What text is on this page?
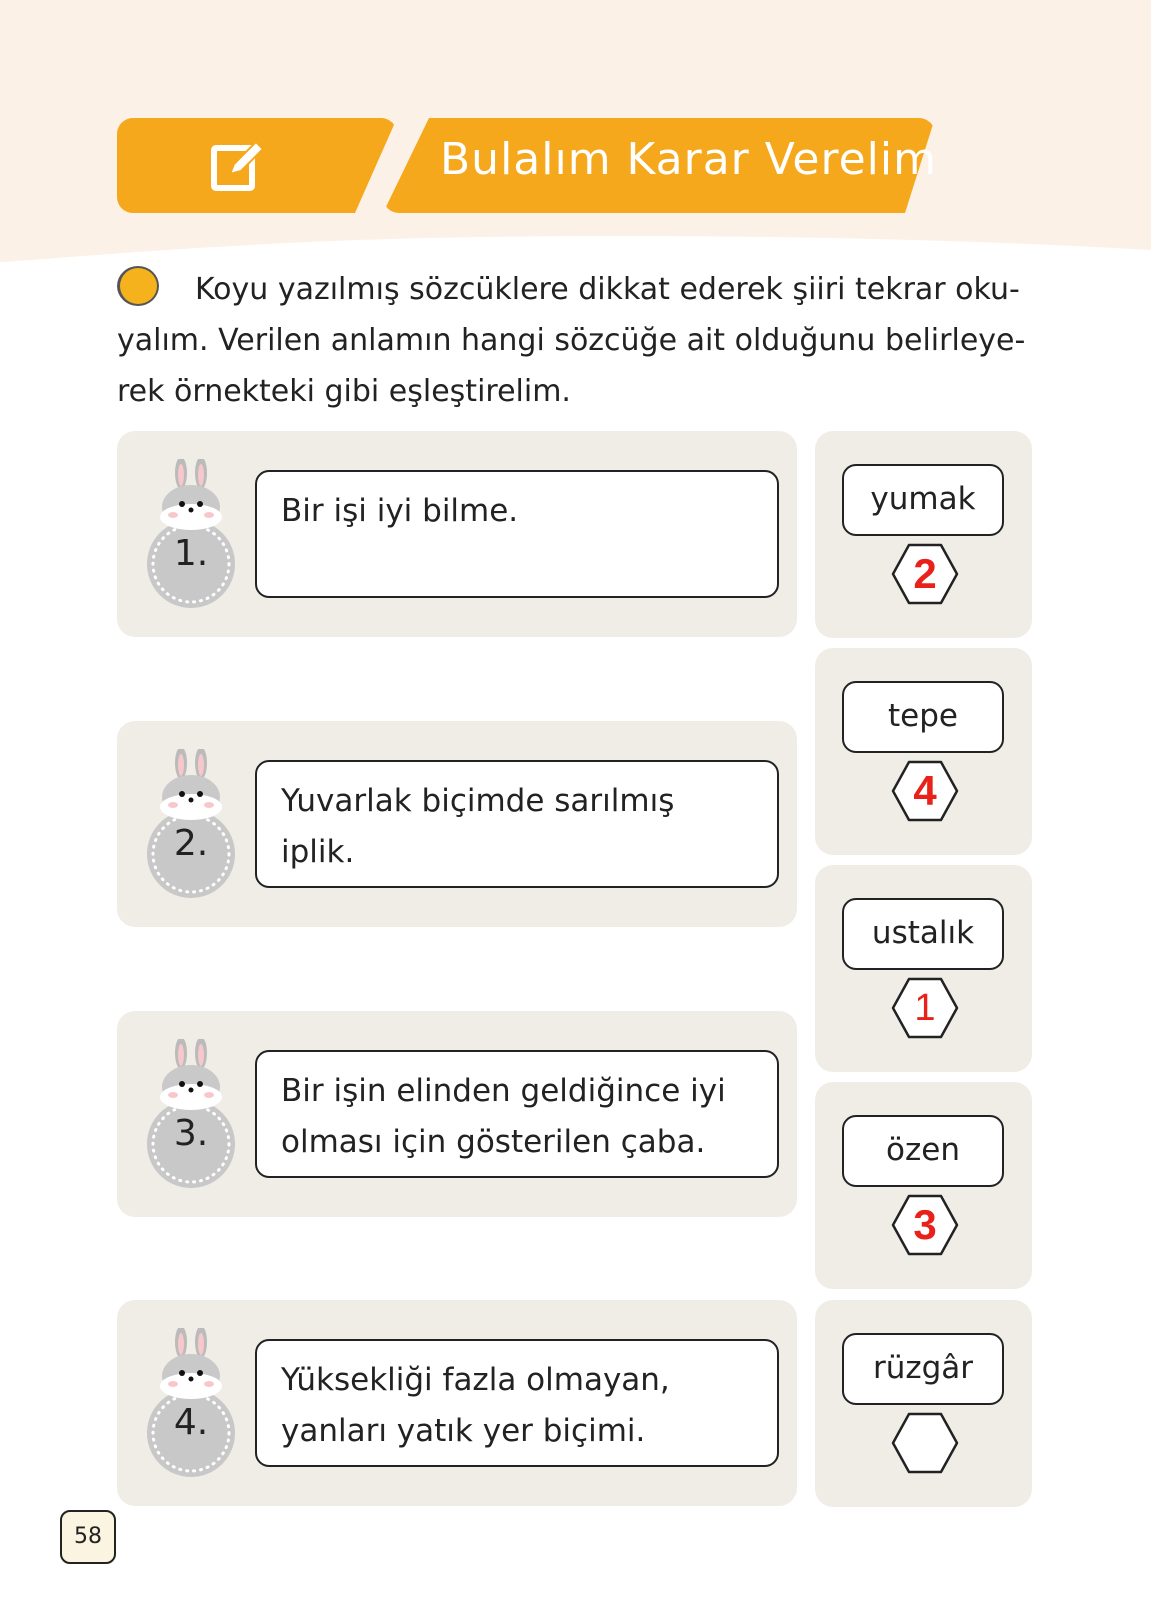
Bulalım Karar Verelim
Koyu yazılmış sözcüklere dikkat ederek şiiri tekrar oku-
yalım. Verilen anlamın hangi sözcüğe ait olduğunu belirleye-
rek örnekteki gibi eşleştirelim.
1.
Bir işi iyi bilme.
2.
Yuvarlak biçimde sarılmış iplik.
3.
Bir işin elinden geldiğince iyi olması için gösterilen çaba.
4.
Yüksekliği fazla olmayan, yanları yatık yer biçimi.
yumak
2
tepe
4
ustalık
1
özen
3
rüzgâr
58
